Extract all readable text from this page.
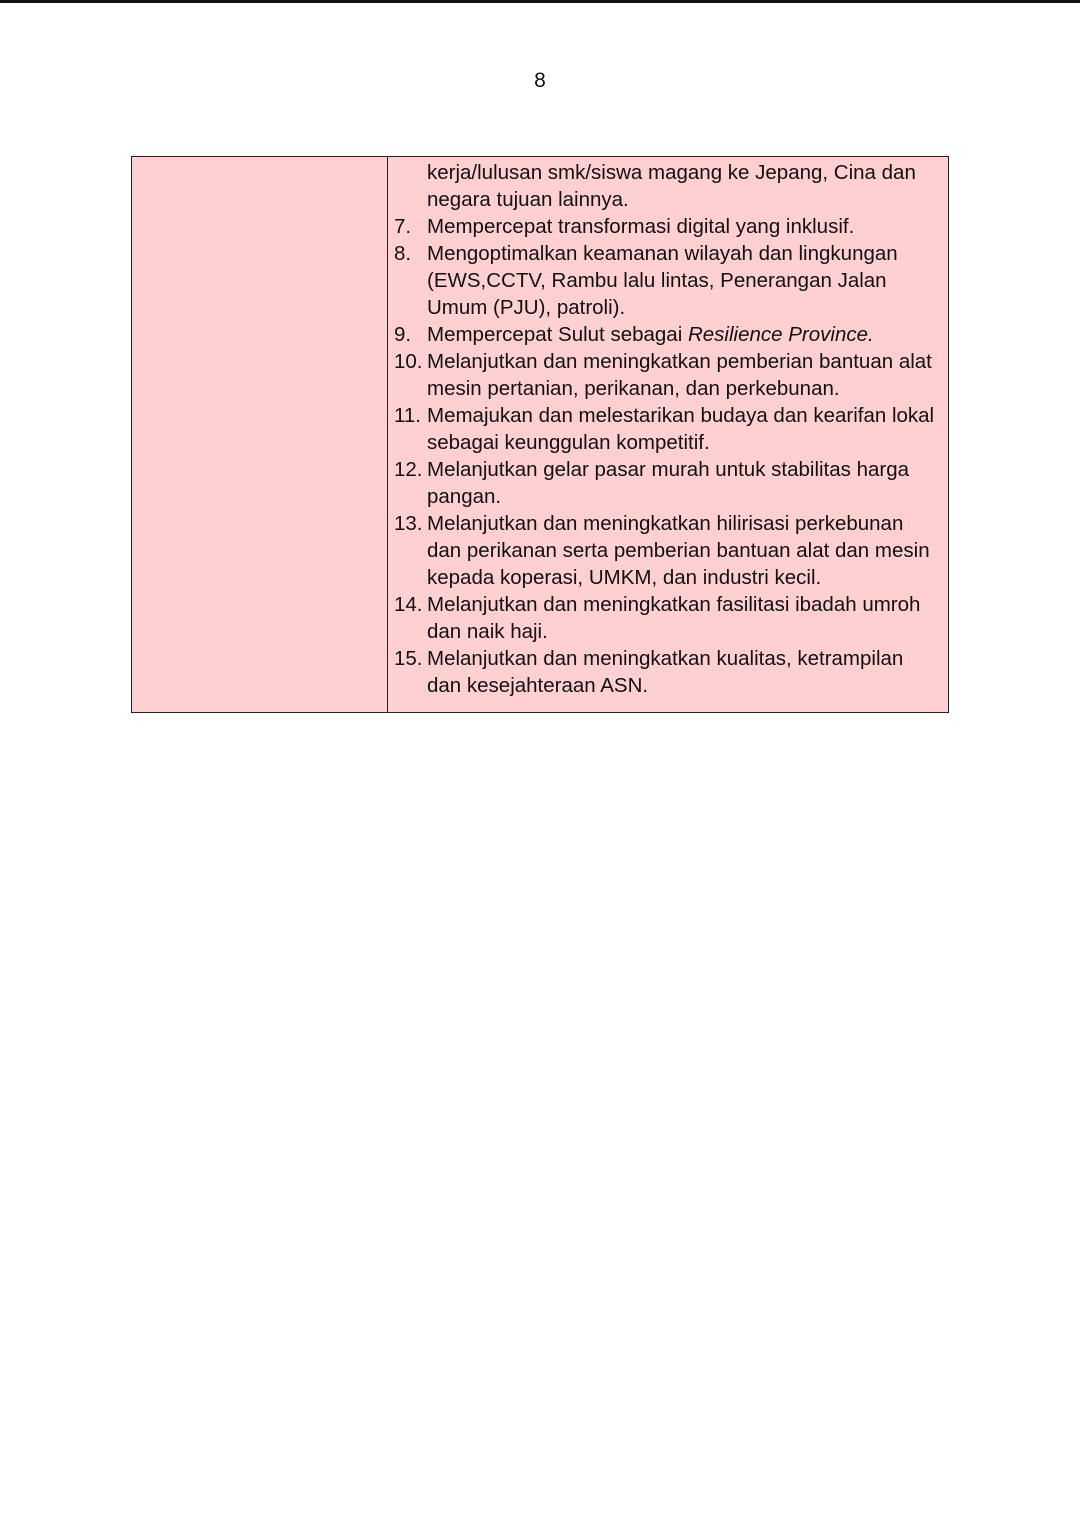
8
kerja/lulusan smk/siswa magang ke Jepang, Cina dan negara tujuan lainnya.
7. Mempercepat transformasi digital yang inklusif.
8. Mengoptimalkan keamanan wilayah dan lingkungan (EWS,CCTV, Rambu lalu lintas, Penerangan Jalan Umum (PJU), patroli).
9. Mempercepat Sulut sebagai Resilience Province.
10. Melanjutkan dan meningkatkan pemberian bantuan alat mesin pertanian, perikanan, dan perkebunan.
11. Memajukan dan melestarikan budaya dan kearifan lokal sebagai keunggulan kompetitif.
12. Melanjutkan gelar pasar murah untuk stabilitas harga pangan.
13. Melanjutkan dan meningkatkan hilirisasi perkebunan dan perikanan serta pemberian bantuan alat dan mesin kepada koperasi, UMKM, dan industri kecil.
14. Melanjutkan dan meningkatkan fasilitasi ibadah umroh dan naik haji.
15. Melanjutkan dan meningkatkan kualitas, ketrampilan dan kesejahteraan ASN.
